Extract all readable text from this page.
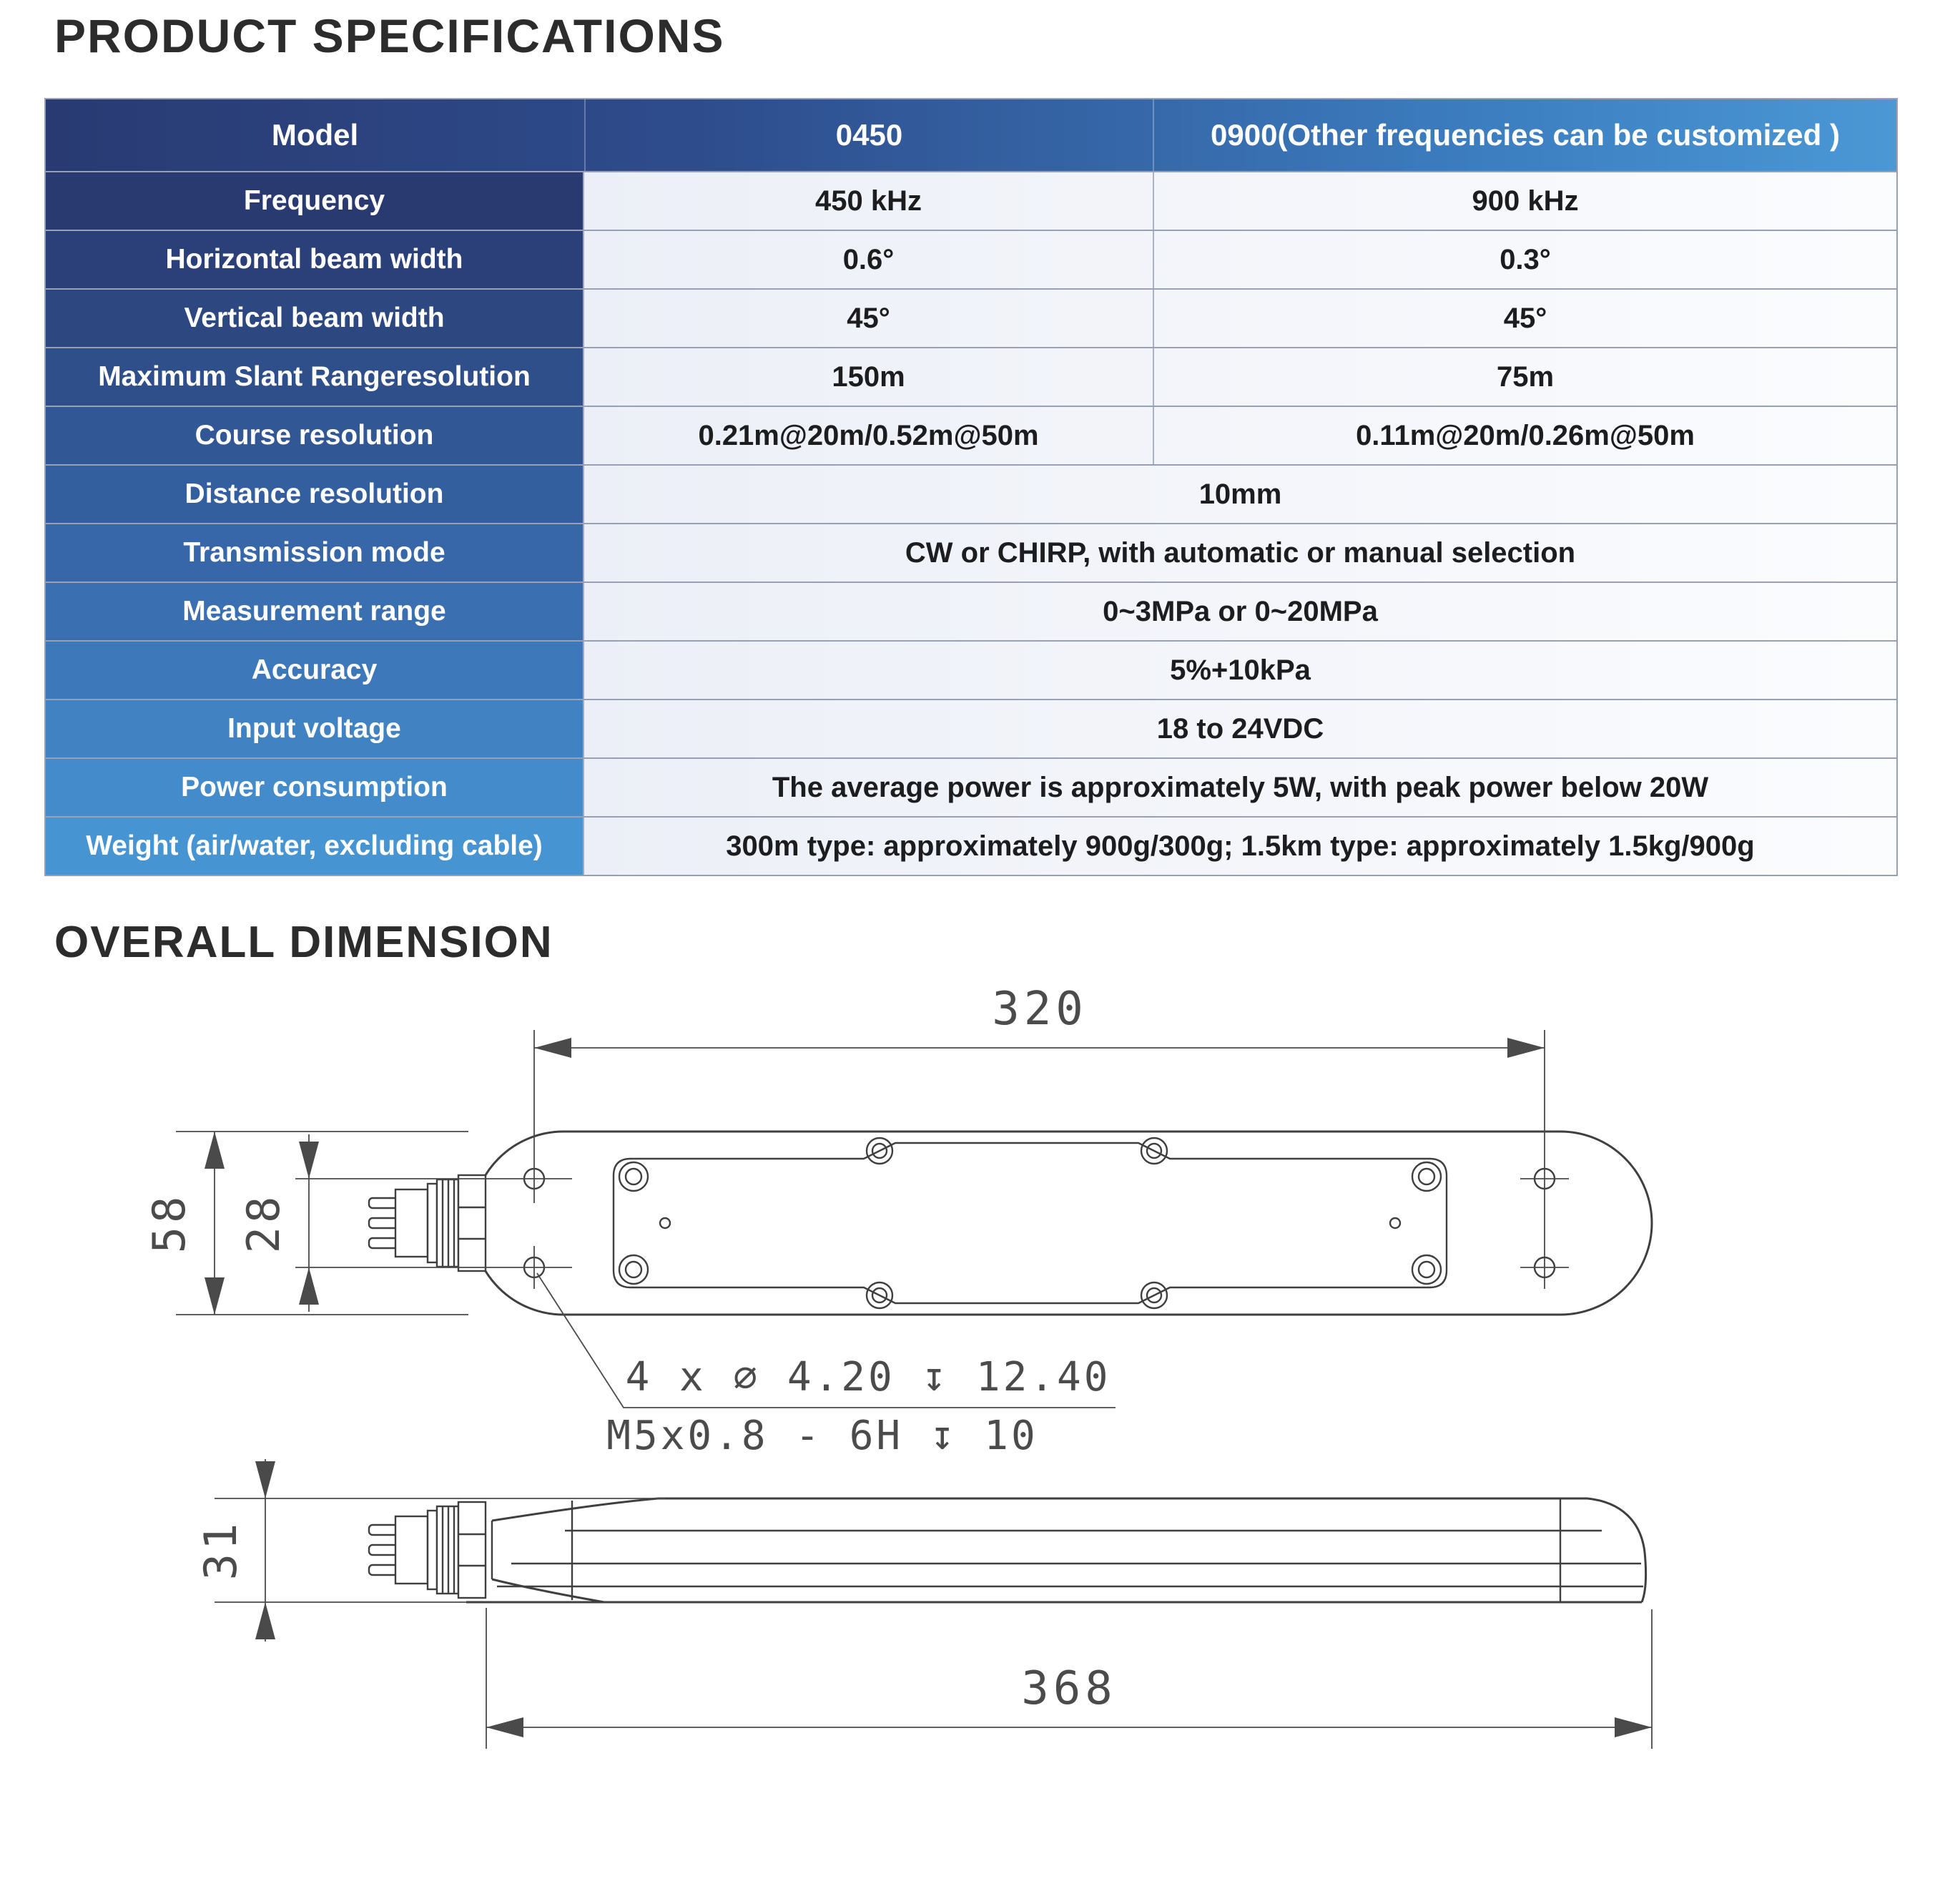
PRODUCT SPECIFICATIONS
Model	0450	0900(Other frequencies can be customized )
Frequency	450 kHz	900 kHz
Horizontal beam width	0.6°	0.3°
Vertical beam width	45°	45°
Maximum Slant Rangeresolution	150m	75m
Course resolution	0.21m@20m/0.52m@50m	0.11m@20m/0.26m@50m
Distance resolution	10mm
Transmission mode	CW or CHIRP, with automatic or manual selection
Measurement range	0~3MPa or 0~20MPa
Accuracy	5%+10kPa
Input voltage	18 to 24VDC
Power consumption	The average power is approximately 5W, with peak power below 20W
Weight (air/water, excluding cable)	300m type: approximately 900g/300g; 1.5km type: approximately 1.5kg/900g
OVERALL DIMENSION
320
58 28
4 x ⌀ 4.20 ↧ 12.40
M5x0.8 - 6H ↧ 10
31
368
